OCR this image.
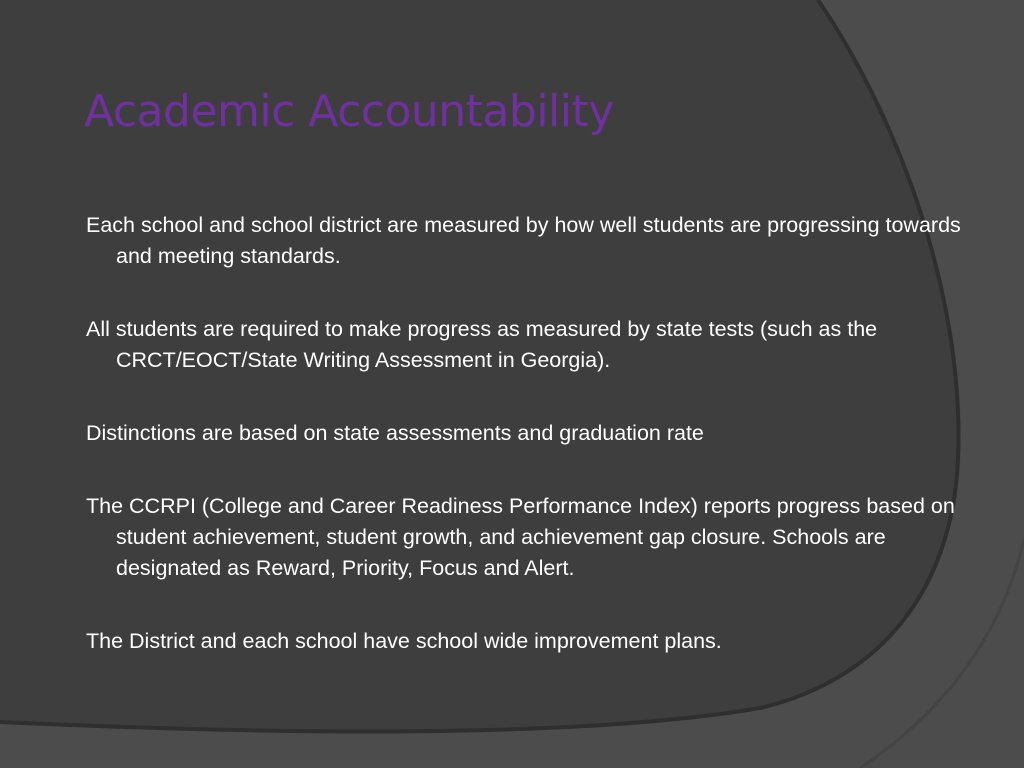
Academic Accountability
Each school and school district are measured by how well students are progressing towards and meeting standards.
All students are required to make progress as measured by state tests (such as the CRCT/EOCT/State Writing Assessment in Georgia).
Distinctions are based on state assessments and graduation rate
The CCRPI (College and Career Readiness Performance Index) reports progress based on student achievement, student growth, and achievement gap closure. Schools are designated as Reward, Priority, Focus and Alert.
The District and each school have school wide improvement plans.
